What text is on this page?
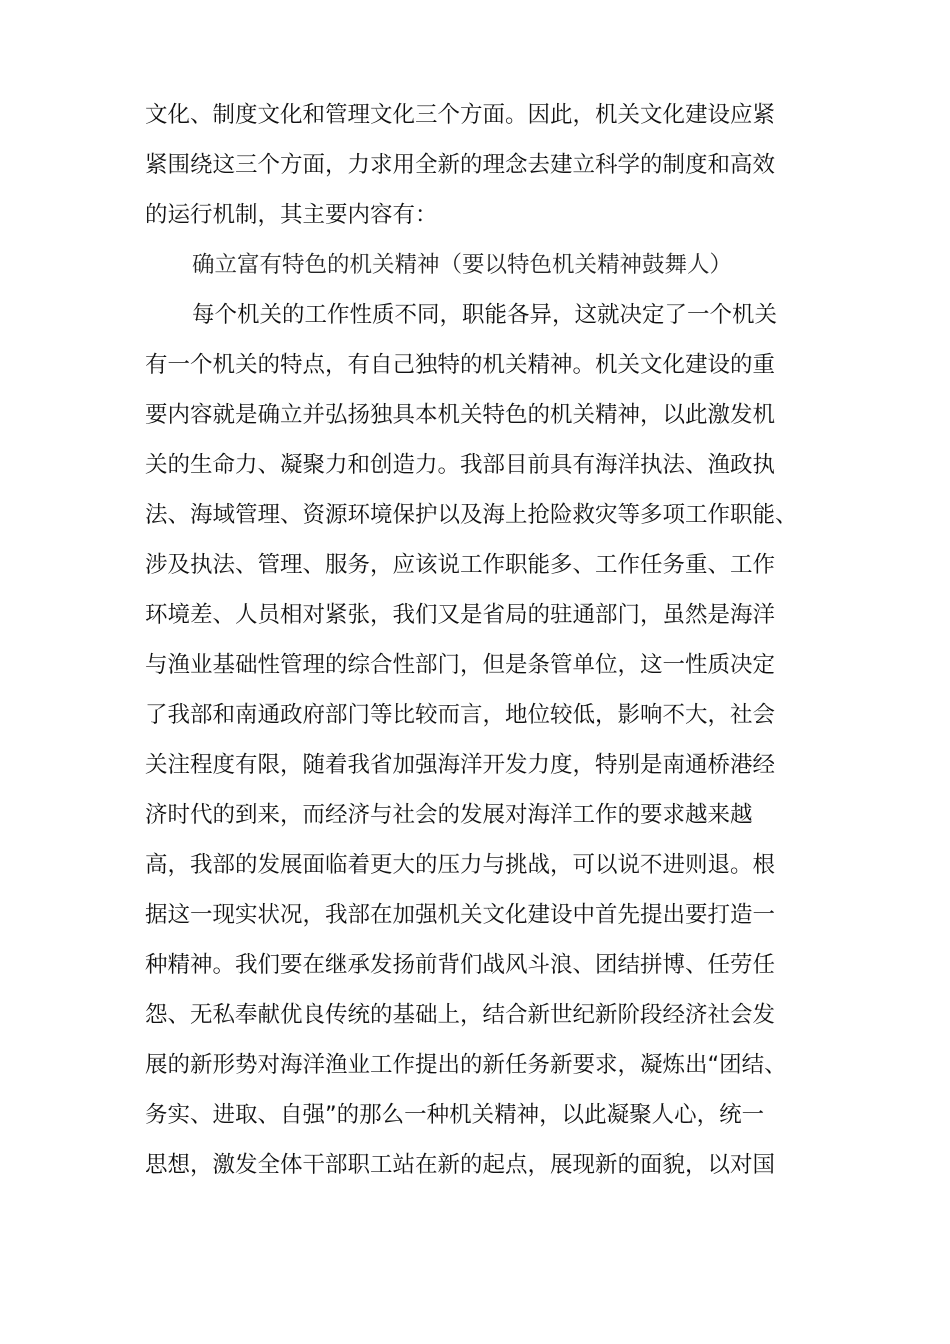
文化、制度文化和管理文化三个方面。因此，机关文化建设应紧
紧围绕这三个方面，力求用全新的理念去建立科学的制度和高效
的运行机制，其主要内容有：
确立富有特色的机关精神（要以特色机关精神鼓舞人）
每个机关的工作性质不同，职能各异，这就决定了一个机关
有一个机关的特点，有自己独特的机关精神。机关文化建设的重
要内容就是确立并弘扬独具本机关特色的机关精神，以此激发机
关的生命力、凝聚力和创造力。我部目前具有海洋执法、渔政执
法、海域管理、资源环境保护以及海上抢险救灾等多项工作职能、
涉及执法、管理、服务，应该说工作职能多、工作任务重、工作
环境差、人员相对紧张，我们又是省局的驻通部门，虽然是海洋
与渔业基础性管理的综合性部门，但是条管单位，这一性质决定
了我部和南通政府部门等比较而言，地位较低，影响不大，社会
关注程度有限，随着我省加强海洋开发力度，特别是南通桥港经
济时代的到来，而经济与社会的发展对海洋工作的要求越来越
高，我部的发展面临着更大的压力与挑战，可以说不进则退。根
据这一现实状况，我部在加强机关文化建设中首先提出要打造一
种精神。我们要在继承发扬前背们战风斗浪、团结拼博、任劳任
怨、无私奉献优良传统的基础上，结合新世纪新阶段经济社会发
展的新形势对海洋渔业工作提出的新任务新要求，凝炼出“团结、
务实、进取、自强”的那么一种机关精神，以此凝聚人心，统一
思想，激发全体干部职工站在新的起点，展现新的面貌，以对国
